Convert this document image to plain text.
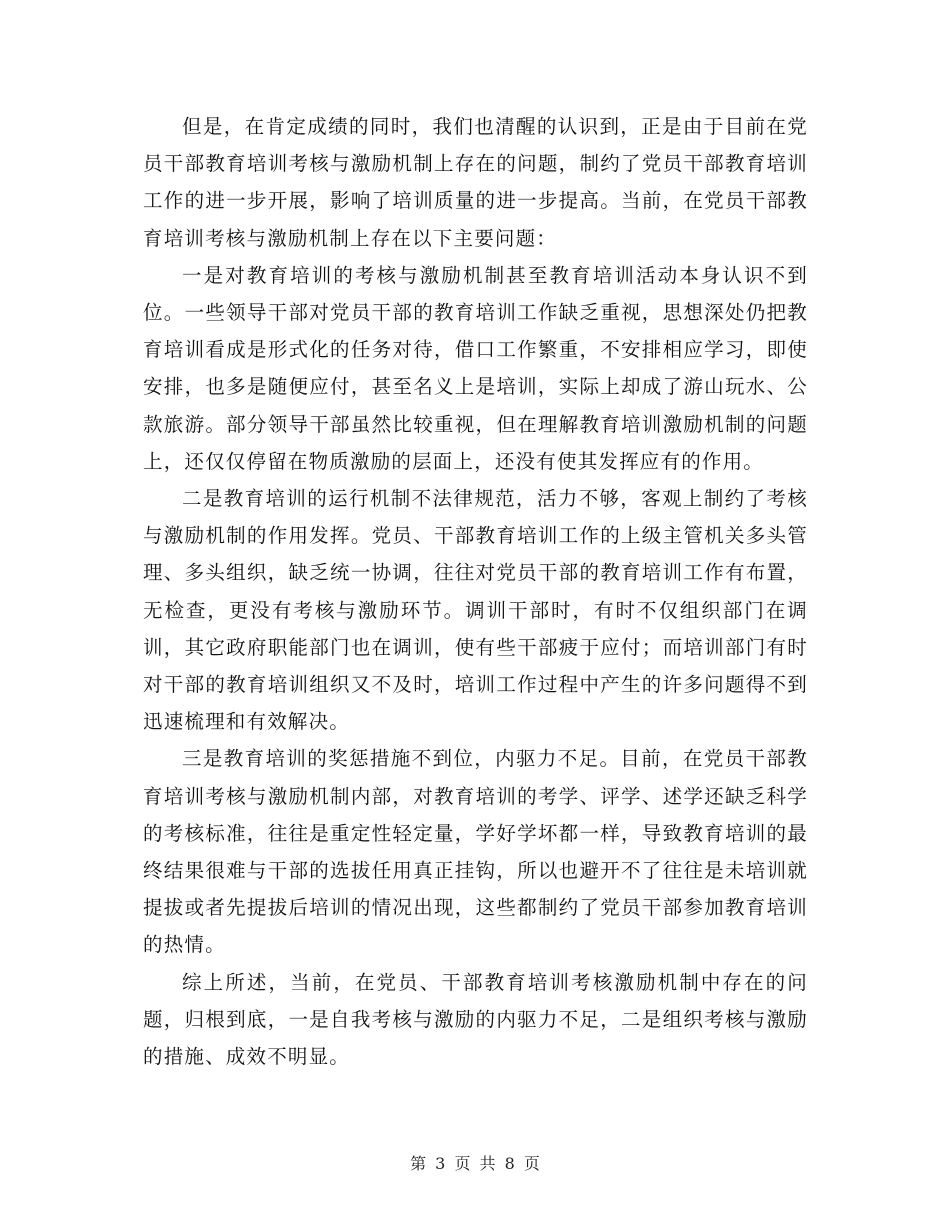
但是，在肯定成绩的同时，我们也清醒的认识到，正是由于目前在党员干部教育培训考核与激励机制上存在的问题，制约了党员干部教育培训工作的进一步开展，影响了培训质量的进一步提高。当前，在党员干部教育培训考核与激励机制上存在以下主要问题：

一是对教育培训的考核与激励机制甚至教育培训活动本身认识不到位。一些领导干部对党员干部的教育培训工作缺乏重视，思想深处仍把教育培训看成是形式化的任务对待，借口工作繁重，不安排相应学习，即使安排，也多是随便应付，甚至名义上是培训，实际上却成了游山玩水、公款旅游。部分领导干部虽然比较重视，但在理解教育培训激励机制的问题上，还仅仅停留在物质激励的层面上，还没有使其发挥应有的作用。

二是教育培训的运行机制不法律规范，活力不够，客观上制约了考核与激励机制的作用发挥。党员、干部教育培训工作的上级主管机关多头管理、多头组织，缺乏统一协调，往往对党员干部的教育培训工作有布置，无检查，更没有考核与激励环节。调训干部时，有时不仅组织部门在调训，其它政府职能部门也在调训，使有些干部疲于应付；而培训部门有时对干部的教育培训组织又不及时，培训工作过程中产生的许多问题得不到迅速梳理和有效解决。

三是教育培训的奖惩措施不到位，内驱力不足。目前，在党员干部教育培训考核与激励机制内部，对教育培训的考学、评学、述学还缺乏科学的考核标准，往往是重定性轻定量，学好学坏都一样，导致教育培训的最终结果很难与干部的选拔任用真正挂钩，所以也避开不了往往是未培训就提拔或者先提拔后培训的情况出现，这些都制约了党员干部参加教育培训的热情。

综上所述，当前，在党员、干部教育培训考核激励机制中存在的问题，归根到底，一是自我考核与激励的内驱力不足，二是组织考核与激励的措施、成效不明显。

第 3 页 共 8 页
